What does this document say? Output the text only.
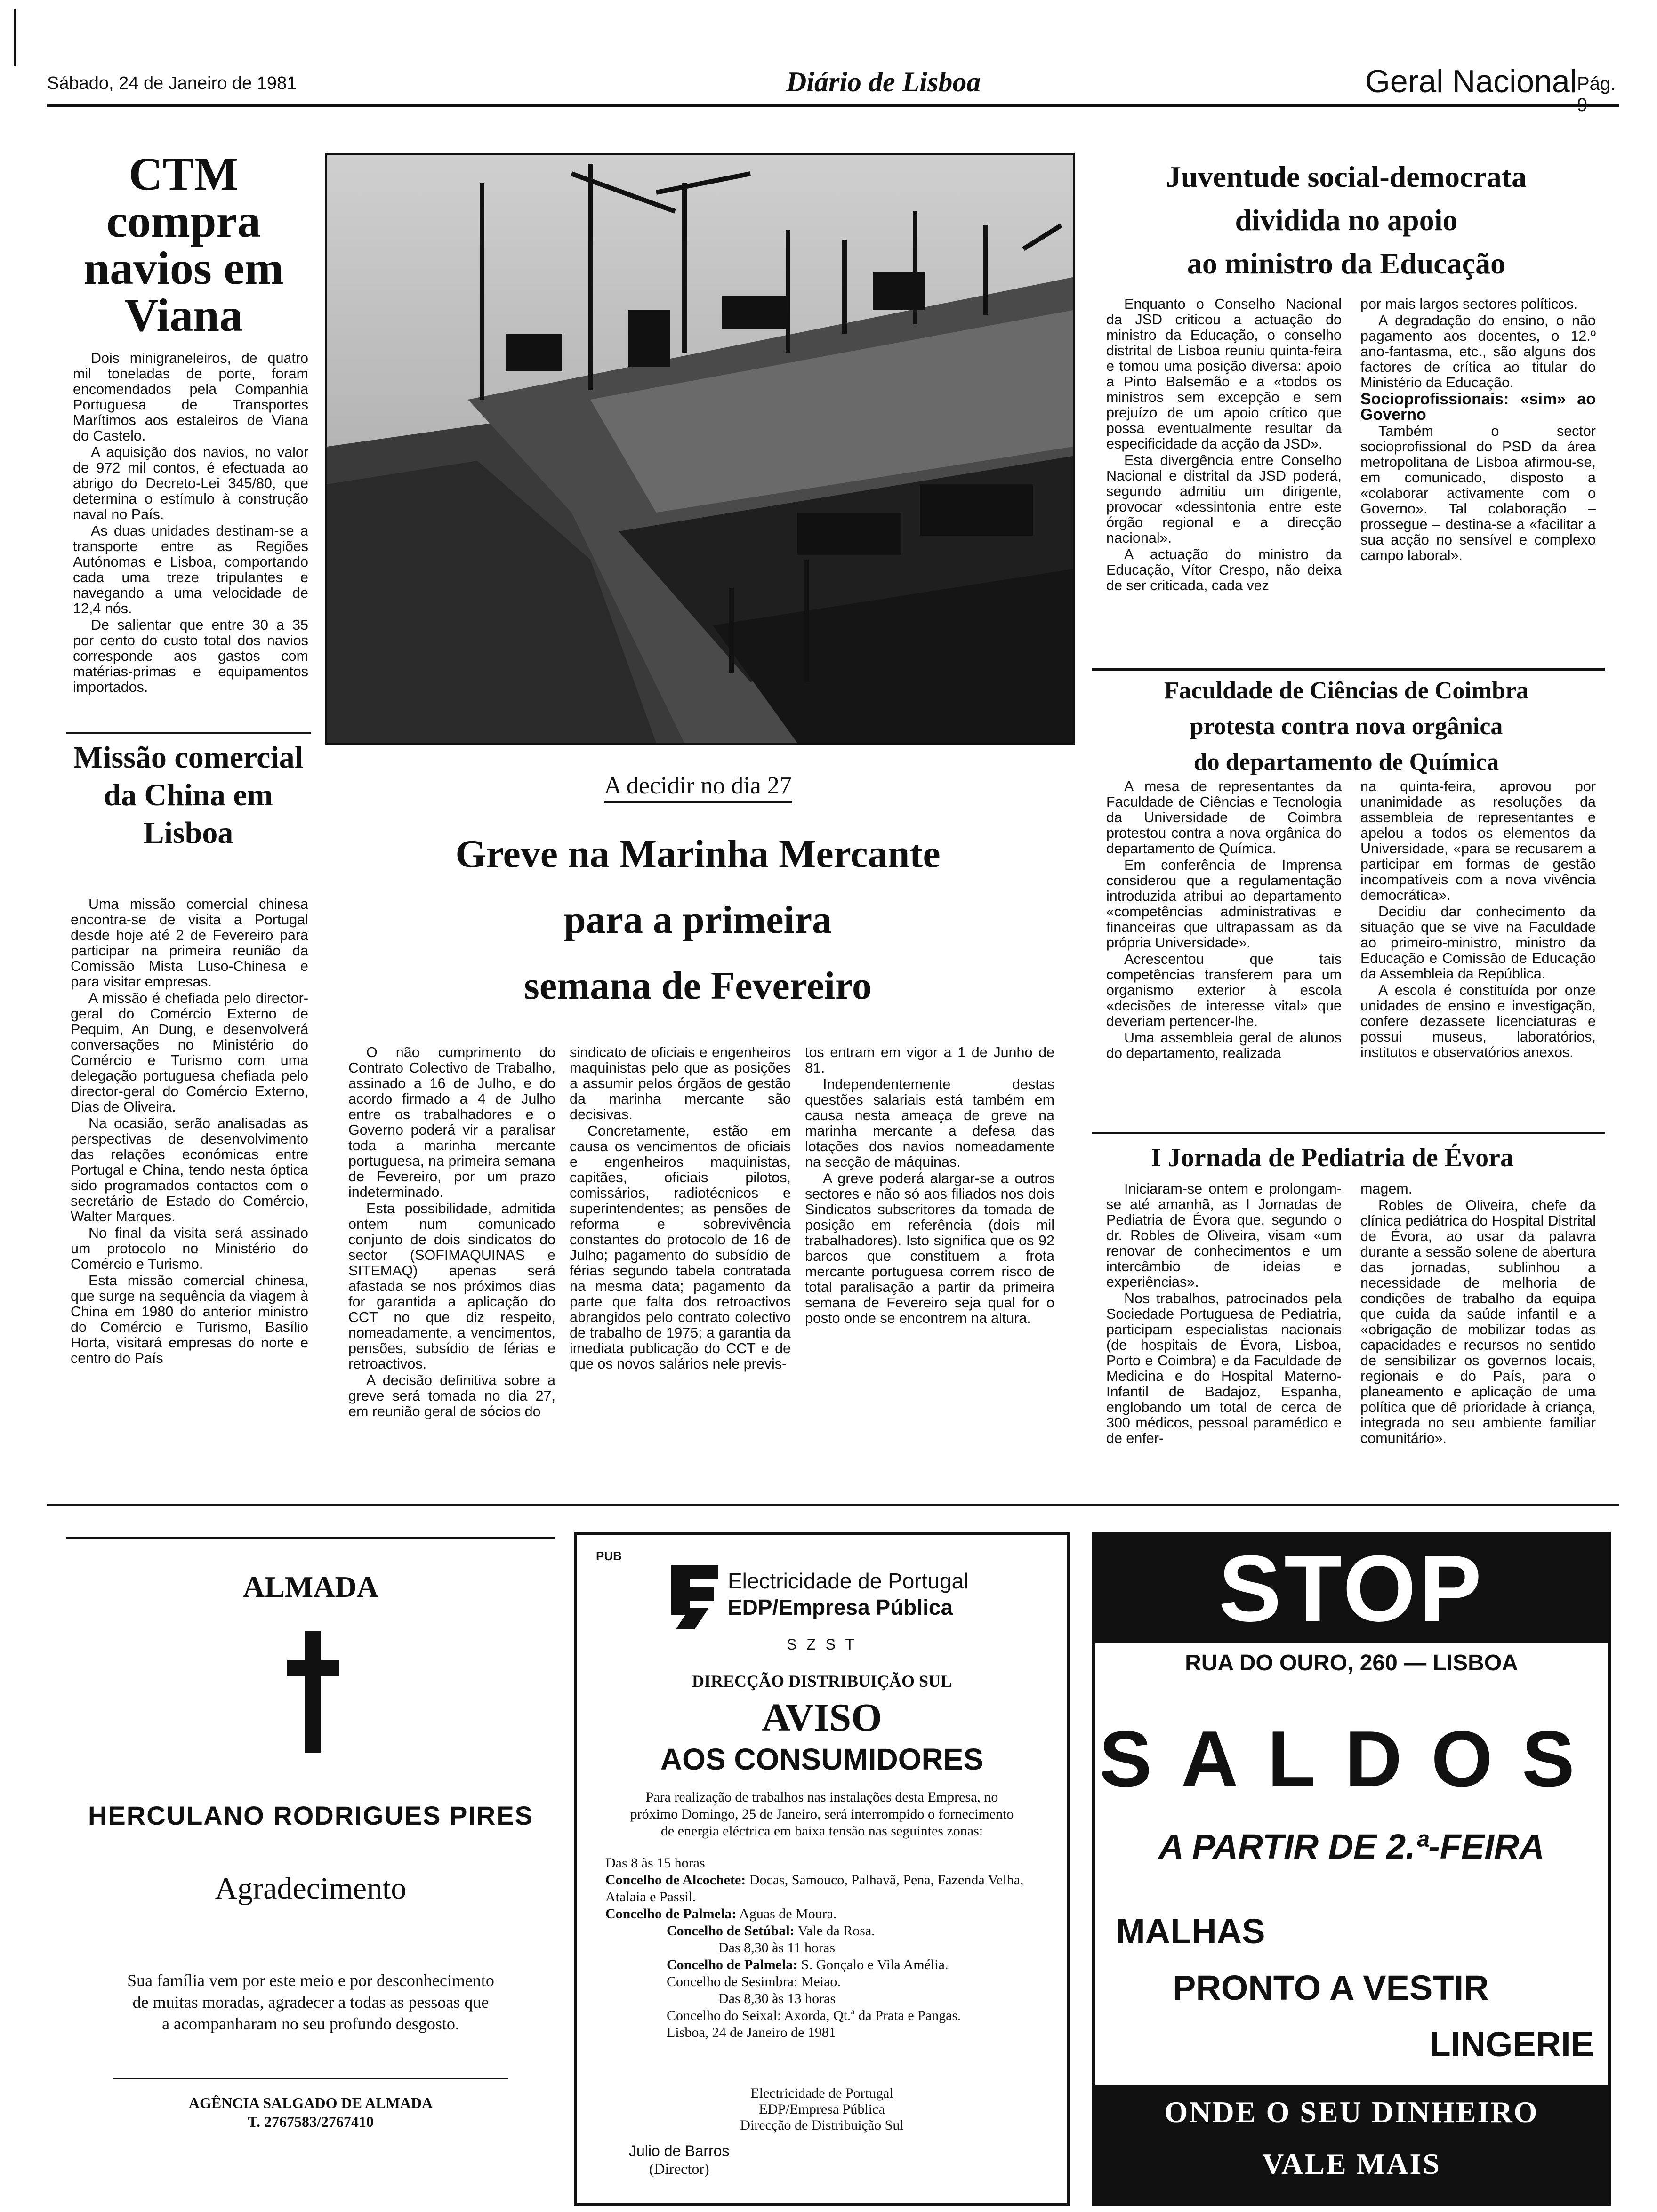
Sábado, 24 de Janeiro de 1981	Diário de Lisboa	Geral Nacional Pág.
CTM compra navios em Viana

Dois minigraneleiros, de quatro mil toneladas de porte, foram encomendados pela Companhia Portuguesa de Transportes Marítimos aos estaleiros de Viana do Castelo.

A aquisição dos navios, no valor de 972 mil contos, é efectuada ao abrigo do Decreto-Lei 345/80, que determina o estímulo à construção naval no País.

As duas unidades destinam-se a transporte entre as Regiões Autónomas e Lisboa, comportando cada uma treze tripulantes e navegando a uma velocidade de 12,4 nós.

De salientar que entre 30 a 35 por cento do custo total dos navios corresponde aos gastos com matérias-primas e equipamentos importados.

Missão comercial da China em Lisboa

Uma missão comercial chinesa encontra-se de visita a Portugal desde hoje até 2 de Fevereiro para participar na primeira reunião da Comissão Mista Luso-Chinesa e para visitar empresas.

A missão é chefiada pelo director-geral do Comércio Externo de Pequim, An Dung, e desenvolverá conversações no Ministério do Comércio e Turismo com uma delegação portuguesa chefiada pelo director-geral do Comércio Externo, Dias de Oliveira.

Na ocasião, serão analisadas as perspectivas de desenvolvimento das relações económicas entre Portugal e China, tendo nesta óptica sido programados contactos com o secretário de Estado do Comércio, Walter Marques.

No final da visita será assinado um protocolo no Ministério do Comércio e Turismo.

Esta missão comercial chinesa, que surge na sequência da viagem à China em 1980 do anterior ministro do Comércio e Turismo, Basílio Horta, visitará empresas do norte e centro do País

A decidir no dia 27
Greve na Marinha Mercante
para a primeira
semana de Fevereiro

O não cumprimento do Contrato Colectivo de Trabalho, assinado a 16 de Julho, e do acordo firmado a 4 de Julho entre os trabalhadores e o Governo poderá vir a paralisar toda a marinha mercante portuguesa, na primeira semana de Fevereiro, por um prazo indeterminado.

Esta possibilidade, admitida ontem num comunicado conjunto de dois sindicatos do sector (SOFIMAQUINAS e SITEMAQ) apenas será afastada se nos próximos dias for garantida a aplicação do CCT no que diz respeito, nomeadamente, a vencimentos, pensões, subsídio de férias e retroactivos.

A decisão definitiva sobre a greve será tomada no dia 27, em reunião geral de sócios do

sindicato de oficiais e engenheiros maquinistas pelo que as posições a assumir pelos órgãos de gestão da marinha mercante são decisivas.

Concretamente, estão em causa os vencimentos de oficiais e engenheiros maquinistas, capitães, oficiais pilotos, comissários, radiotécnicos e superintendentes; as pensões de reforma e sobrevivência constantes do protocolo de 16 de Julho; pagamento do subsídio de férias segundo tabela contratada na mesma data; pagamento da parte que falta dos retroactivos abrangidos pelo contrato colectivo de trabalho de 1975; a garantia da imediata publicação do CCT e de que os novos salários nele previs-

tos entram em vigor a 1 de Junho de 81.

Independentemente destas questões salariais está também em causa nesta ameaça de greve na marinha mercante a defesa das lotações dos navios nomeadamente na secção de máquinas.

A greve poderá alargar-se a outros sectores e não só aos filiados nos dois Sindicatos subscritores da tomada de posição em referência (dois mil trabalhadores). Isto significa que os 92 barcos que constituem a frota mercante portuguesa correm risco de total paralisação a partir da primeira semana de Fevereiro seja qual for o posto onde se encontrem na altura.

Juventude social-democrata
dividida no apoio
ao ministro da Educação

Enquanto o Conselho Nacional da JSD criticou a actuação do ministro da Educação, o conselho distrital de Lisboa reuniu quinta-feira e tomou uma posição diversa: apoio a Pinto Balsemão e a «todos os ministros sem excepção e sem prejuízo de um apoio crítico que possa eventualmente resultar da especificidade da acção da JSD».

Esta divergência entre Conselho Nacional e distrital da JSD poderá, segundo admitiu um dirigente, provocar «dessintonia entre este órgão regional e a direcção nacional».

A actuação do ministro da Educação, Vítor Crespo, não deixa de ser criticada, cada vez

por mais largos sectores políticos.

A degradação do ensino, o não pagamento aos docentes, o 12.º ano-fantasma, etc., são alguns dos factores de crítica ao titular do Ministério da Educação.

Socioprofissionais: «sim» ao Governo

Também o sector socioprofissional do PSD da área metropolitana de Lisboa afirmou-se, em comunicado, disposto a «colaborar activamente com o Governo». Tal colaboração – prossegue – destina-se a «facilitar a sua acção no sensível e complexo campo laboral».

Faculdade de Ciências de Coimbra
protesta contra nova orgânica
do departamento de Química

A mesa de representantes da Faculdade de Ciências e Tecnologia da Universidade de Coimbra protestou contra a nova orgânica do departamento de Química.

Em conferência de Imprensa considerou que a regulamentação introduzida atribui ao departamento «competências administrativas e financeiras que ultrapassam as da própria Universidade».

Acrescentou que tais competências transferem para um organismo exterior à escola «decisões de interesse vital» que deveriam pertencer-lhe.

Uma assembleia geral de alunos do departamento, realizada

na quinta-feira, aprovou por unanimidade as resoluções da assembleia de representantes e apelou a todos os elementos da Universidade, «para se recusarem a participar em formas de gestão incompatíveis com a nova vivência democrática».

Decidiu dar conhecimento da situação que se vive na Faculdade ao primeiro-ministro, ministro da Educação e Comissão de Educação da Assembleia da República.

A escola é constituída por onze unidades de ensino e investigação, confere dezassete licenciaturas e possui museus, laboratórios, institutos e observatórios anexos.

I Jornada de Pediatria de Évora

Iniciaram-se ontem e prolongam-se até amanhã, as I Jornadas de Pediatria de Évora que, segundo o dr. Robles de Oliveira, visam «um renovar de conhecimentos e um intercâmbio de ideias e experiências».

Nos trabalhos, patrocinados pela Sociedade Portuguesa de Pediatria, participam especialistas nacionais (de hospitais de Évora, Lisboa, Porto e Coimbra) e da Faculdade de Medicina e do Hospital Materno-Infantil de Badajoz, Espanha, englobando um total de cerca de 300 médicos, pessoal paramédico e de enfer-

magem.

Robles de Oliveira, chefe da clínica pediátrica do Hospital Distrital de Évora, ao usar da palavra durante a sessão solene de abertura das jornadas, sublinhou a necessidade de melhoria de condições de trabalho da equipa que cuida da saúde infantil e a «obrigação de mobilizar todas as capacidades e recursos no sentido de sensibilizar os governos locais, regionais e do País, para o planeamento e aplicação de uma política que dê prioridade à criança, integrada no seu ambiente familiar comunitário».

ALMADA
HERCULANO RODRIGUES PIRES
Agradecimento
Sua família vem por este meio e por desconhecimento de muitas moradas, agradecer a todas as pessoas que a acompanharam no seu profundo desgosto.
AGÊNCIA SALGADO DE ALMADA
T. 2767583/2767410
PUB
Electricidade de Portugal
EDP/Empresa Pública
S Z S T
DIRECÇÃO DISTRIBUIÇÃO SUL
AVISO
AOS CONSUMIDORES
Para realização de trabalhos nas instalações desta Empresa, no próximo Domingo, 25 de Janeiro, será interrompido o fornecimento de energia eléctrica em baixa tensão nas seguintes zonas:
Das 8 às 15 horas
Concelho de Alcochete: Docas, Samouco, Palhavã, Pena, Fazenda Velha, Atalaia e Passil.
Concelho de Palmela: Aguas de Moura.
Concelho de Setúbal: Vale da Rosa.
Das 8,30 às 11 horas
Concelho de Palmela: S. Gonçalo e Vila Amélia.
Concelho de Sesimbra: Meiao.
Das 8,30 às 13 horas
Concelho do Seixal: Axorda, Qt.ª da Prata e Pangas.
Lisboa, 24 de Janeiro de 1981
Electricidade de Portugal
EDP/Empresa Pública
Direcção de Distribuição Sul
Julio de Barros
(Director)
STOP
RUA DO OURO, 260 — LISBOA
SALDOS
A PARTIR DE 2.ª-FEIRA
MALHAS
PRONTO A VESTIR
LINGERIE
ONDE O SEU DINHEIRO
VALE MAIS
